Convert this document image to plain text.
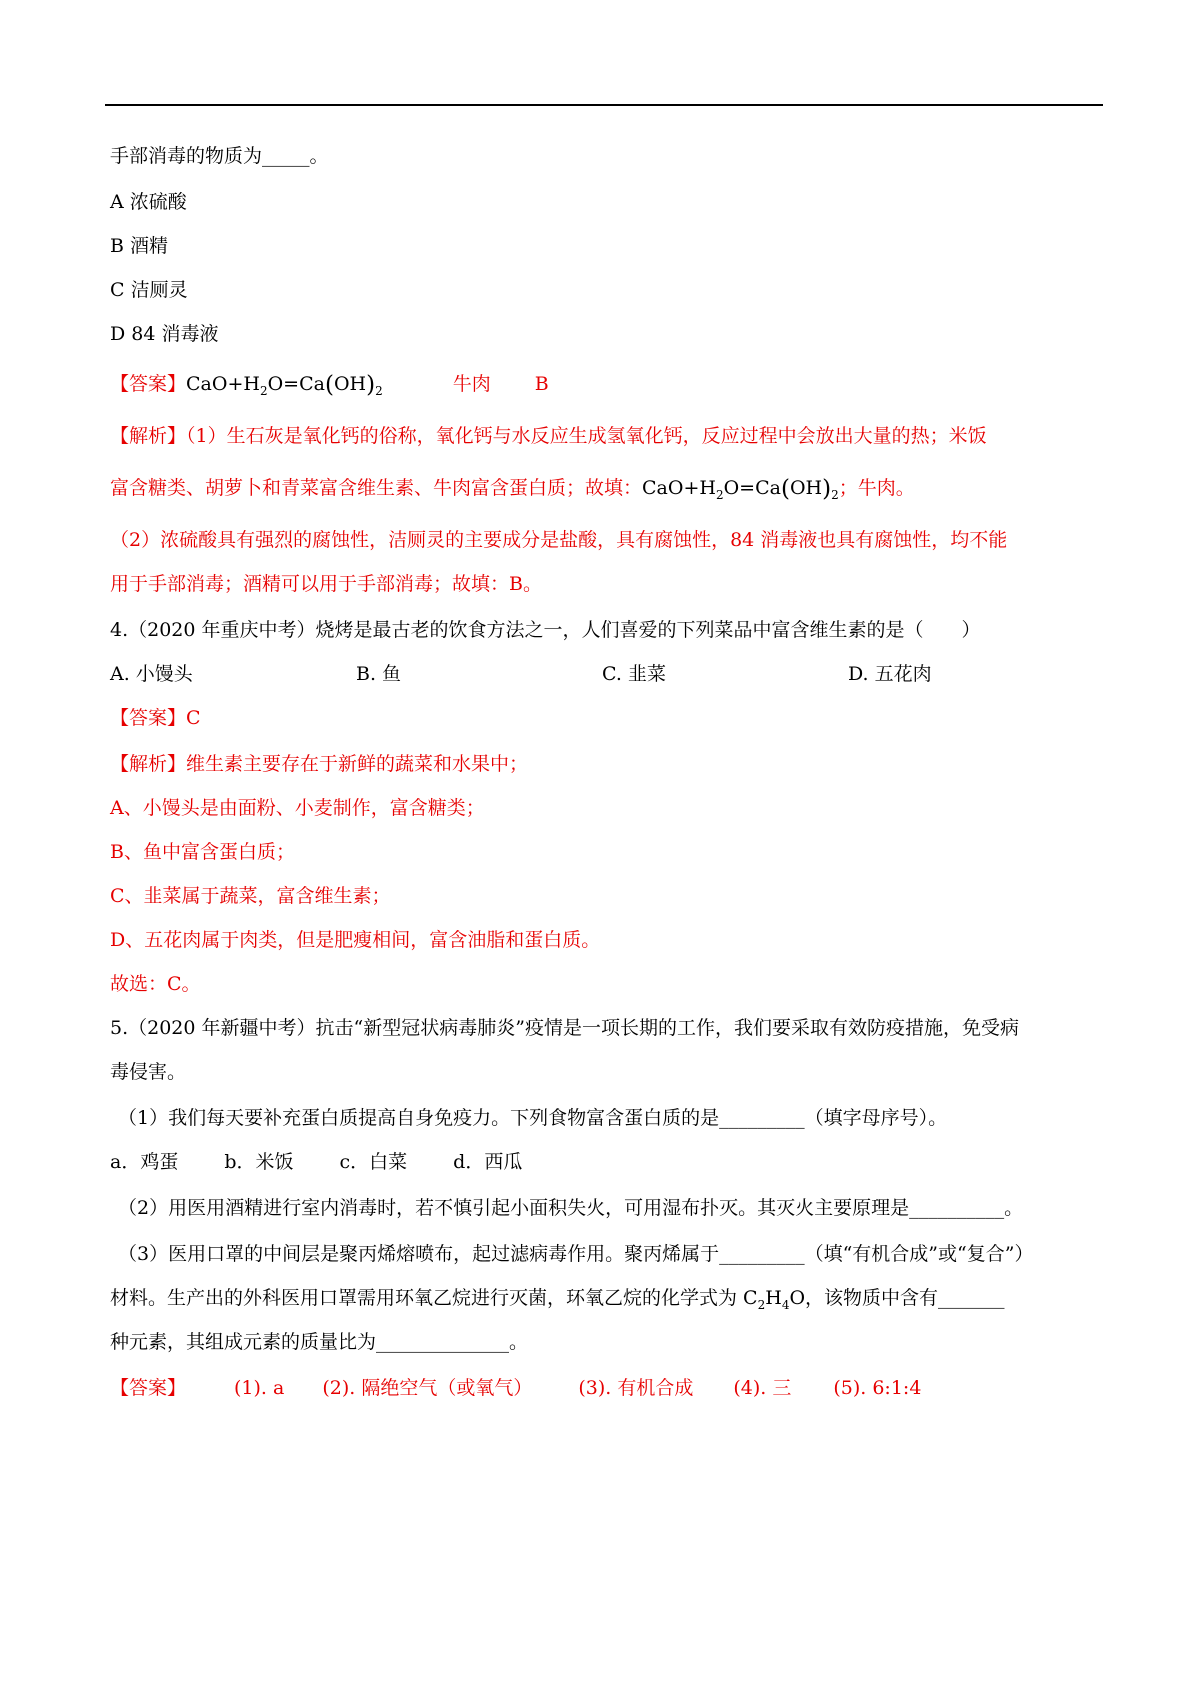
手部消毒的物质为_____。
A 浓硫酸
B 酒精
C 洁厕灵
D 84 消毒液
【答案】$CaO+H_2O=Ca(OH)_2$	牛肉 B
【解析】（1）生石灰是氧化钙的俗称，氧化钙与水反应生成氢氧化钙，反应过程中会放出大量的热；米饭
富含糖类、胡萝卜和青菜富含维生素、牛肉富含蛋白质；故填：$CaO+H_2O=Ca(OH)_2$；牛肉。
（2）浓硫酸具有强烈的腐蚀性，洁厕灵的主要成分是盐酸，具有腐蚀性，84 消毒液也具有腐蚀性，均不能
用于手部消毒；酒精可以用于手部消毒；故填：B。
4.（2020 年重庆中考）烧烤是最古老的饮食方法之一，人们喜爱的下列菜品中富含维生素的是（　　）
A. 小馒头	B. 鱼	C. 韭菜	D. 五花肉
【答案】C
【解析】维生素主要存在于新鲜的蔬菜和水果中；
A、小馒头是由面粉、小麦制作，富含糖类；
B、鱼中富含蛋白质；
C、韭菜属于蔬菜，富含维生素；
D、五花肉属于肉类，但是肥瘦相间，富含油脂和蛋白质。
故选：C。
5.（2020 年新疆中考）抗击“新型冠状病毒肺炎”疫情是一项长期的工作，我们要采取有效防疫措施，免受病
毒侵害。
（1）我们每天要补充蛋白质提高自身免疫力。下列食物富含蛋白质的是_________（填字母序号）。
a．鸡蛋 b．米饭 c．白菜 d．西瓜
（2）用医用酒精进行室内消毒时，若不慎引起小面积失火，可用湿布扑灭。其灭火主要原理是__________。
（3）医用口罩的中间层是聚丙烯熔喷布，起过滤病毒作用。聚丙烯属于_________（填“有机合成”或“复合”）
材料。生产出的外科医用口罩需用环氧乙烷进行灭菌，环氧乙烷的化学式为 $C_2H_4O$，该物质中含有_______
种元素，其组成元素的质量比为______________。
【答案】	(1). a (2). 隔绝空气（或氧气） (3). 有机合成 (4). 三 (5). 6:1:4
